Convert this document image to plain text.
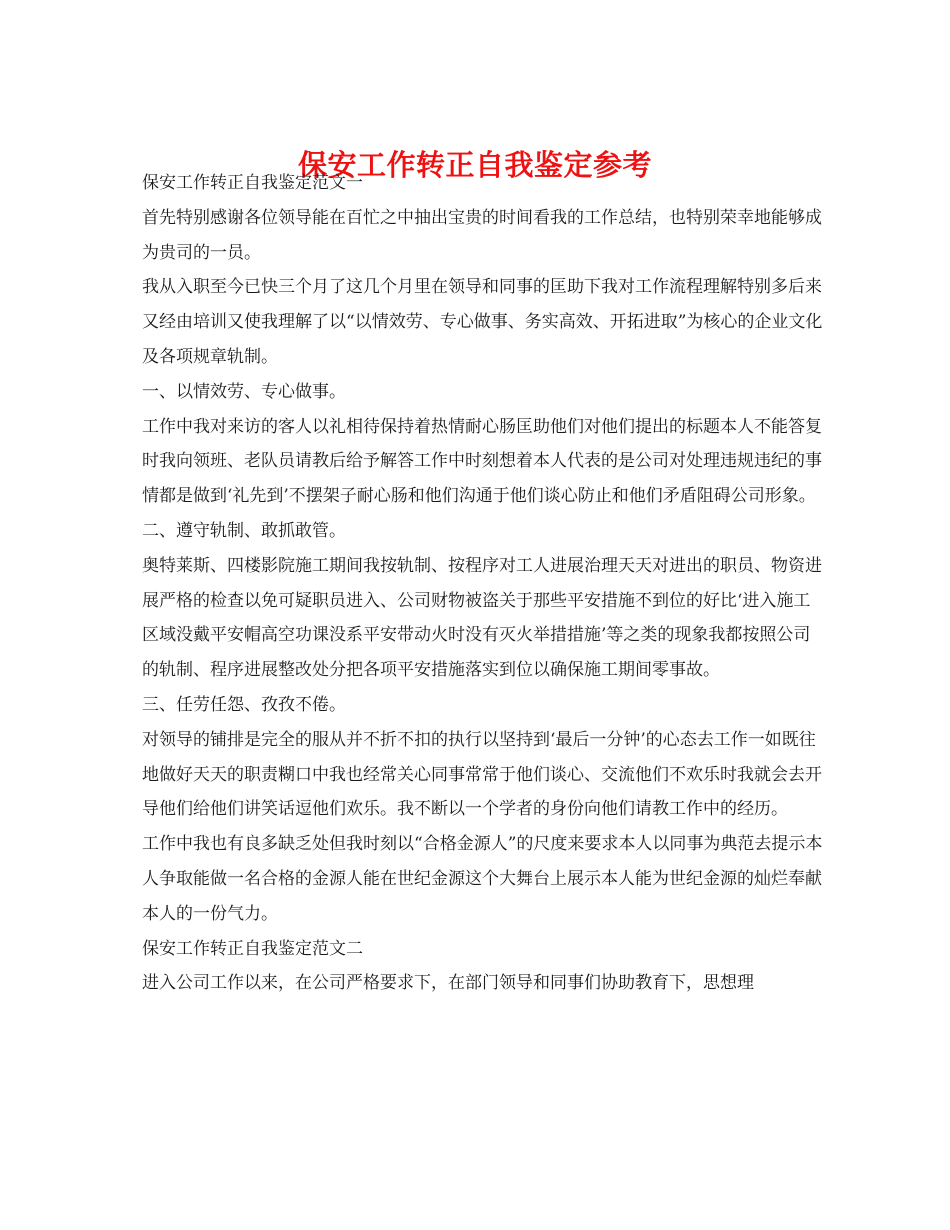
保安工作转正自我鉴定参考

保安工作转正自我鉴定范文一

首先特别感谢各位领导能在百忙之中抽出宝贵的时间看我的工作总结，也特别荣幸地能够成为贵司的一员。

我从入职至今已快三个月了这几个月里在领导和同事的匡助下我对工作流程理解特别多后来又经由培训又使我理解了以“以情效劳、专心做事、务实高效、开拓进取”为核心的企业文化及各项规章轨制。

一、以情效劳、专心做事。

工作中我对来访的客人以礼相待保持着热情耐心肠匡助他们对他们提出的标题本人不能答复时我向领班、老队员请教后给予解答工作中时刻想着本人代表的是公司对处理违规违纪的事情都是做到‘礼先到’不摆架子耐心肠和他们沟通于他们谈心防止和他们矛盾阻碍公司形象。

二、遵守轨制、敢抓敢管。

奥特莱斯、四楼影院施工期间我按轨制、按程序对工人进展治理天天对进出的职员、物资进展严格的检查以免可疑职员进入、公司财物被盗关于那些平安措施不到位的好比‘进入施工区域没戴平安帽高空功课没系平安带动火时没有灭火举措措施’等之类的现象我都按照公司的轨制、程序进展整改处分把各项平安措施落实到位以确保施工期间零事故。

三、任劳任怨、孜孜不倦。

对领导的铺排是完全的服从并不折不扣的执行以坚持到‘最后一分钟’的心态去工作一如既往地做好天天的职责糊口中我也经常关心同事常常于他们谈心、交流他们不欢乐时我就会去开导他们给他们讲笑话逗他们欢乐。我不断以一个学者的身份向他们请教工作中的经历。

工作中我也有良多缺乏处但我时刻以“合格金源人”的尺度来要求本人以同事为典范去提示本人争取能做一名合格的金源人能在世纪金源这个大舞台上展示本人能为世纪金源的灿烂奉献本人的一份气力。

保安工作转正自我鉴定范文二

进入公司工作以来，在公司严格要求下，在部门领导和同事们协助教育下，思想理
